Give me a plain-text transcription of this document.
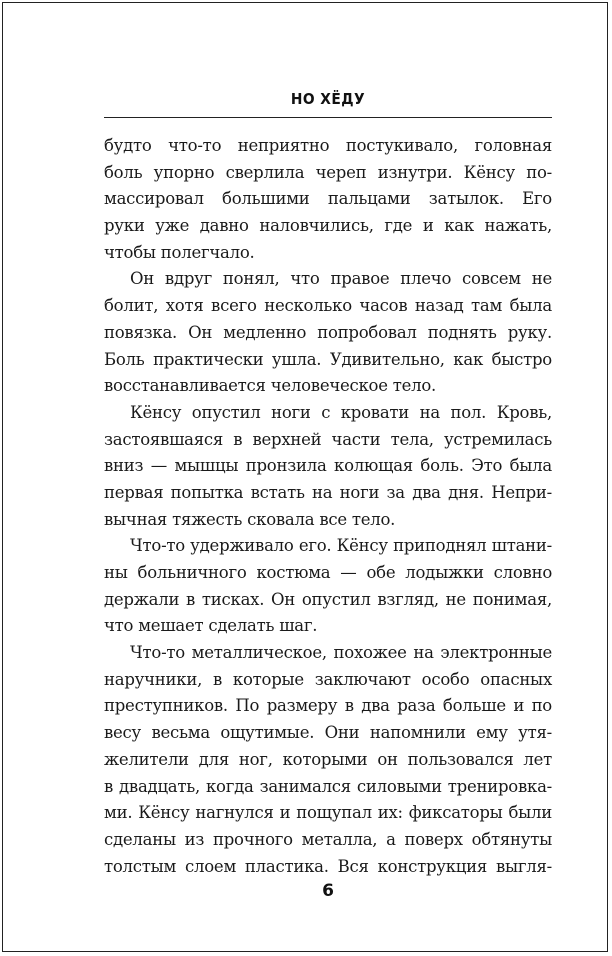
НО ХЁДУ
будто что-то неприятно постукивало, головная
боль упорно сверлила череп изнутри. Кёнсу по-
массировал большими пальцами затылок. Его
руки уже давно наловчились, где и как нажать,
чтобы полегчало.
Он вдруг понял, что правое плечо совсем не
болит, хотя всего несколько часов назад там была
повязка. Он медленно попробовал поднять руку.
Боль практически ушла. Удивительно, как быстро
восстанавливается человеческое тело.
Кёнсу опустил ноги с кровати на пол. Кровь,
застоявшаяся в верхней части тела, устремилась
вниз — мышцы пронзила колющая боль. Это была
первая попытка встать на ноги за два дня. Непри-
вычная тяжесть сковала все тело.
Что-то удерживало его. Кёнсу приподнял штани-
ны больничного костюма — обе лодыжки словно
держали в тисках. Он опустил взгляд, не понимая,
что мешает сделать шаг.
Что-то металлическое, похожее на электронные
наручники, в которые заключают особо опасных
преступников. По размеру в два раза больше и по
весу весьма ощутимые. Они напомнили ему утя-
желители для ног, которыми он пользовался лет
в двадцать, когда занимался силовыми тренировка-
ми. Кёнсу нагнулся и пощупал их: фиксаторы были
сделаны из прочного металла, а поверх обтянуты
толстым слоем пластика. Вся конструкция выгля-
6
